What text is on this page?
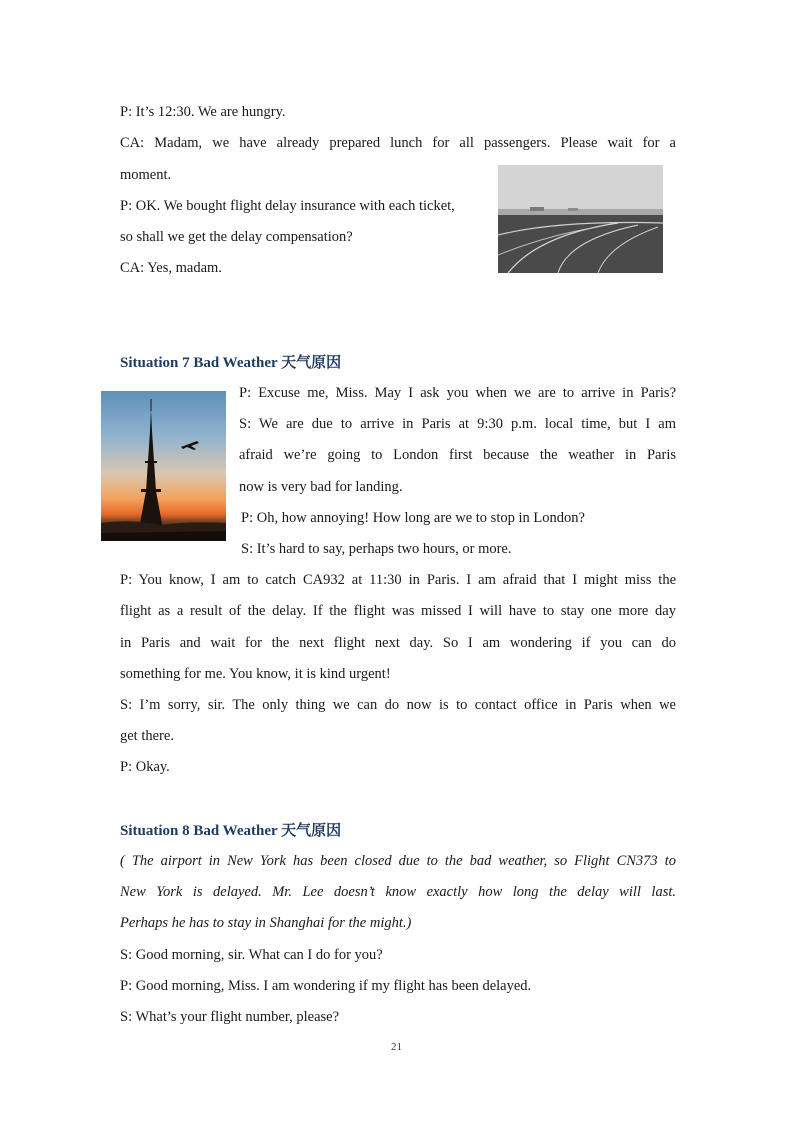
P: It’s 12:30. We are hungry.
CA: Madam, we have already prepared lunch for all passengers. Please wait for a
moment.
P: OK. We bought flight delay insurance with each ticket,
so shall we get the delay compensation?
CA: Yes, madam.
Situation 7 Bad Weather 天气原因
P: Excuse me, Miss. May I ask you when we are to arrive in Paris?
S: We are due to arrive in Paris at 9:30 p.m. local time, but I am
afraid we’re going to London first because the weather in Paris
now is very bad for landing.
P: Oh, how annoying! How long are we to stop in London?
S: It’s hard to say, perhaps two hours, or more.
P: You know, I am to catch CA932 at 11:30 in Paris. I am afraid that I might miss the
flight as a result of the delay. If the flight was missed I will have to stay one more day
in Paris and wait for the next flight next day. So I am wondering if you can do
something for me. You know, it is kind urgent!
S: I’m sorry, sir. The only thing we can do now is to contact office in Paris when we
get there.
P: Okay.
Situation 8 Bad Weather 天气原因
( The airport in New York has been closed due to the bad weather, so Flight CN373 to
New York is delayed. Mr. Lee doesn’t know exactly how long the delay will last.
Perhaps he has to stay in Shanghai for the might.)
S: Good morning, sir. What can I do for you?
P: Good morning, Miss. I am wondering if my flight has been delayed.
S: What’s your flight number, please?
21
